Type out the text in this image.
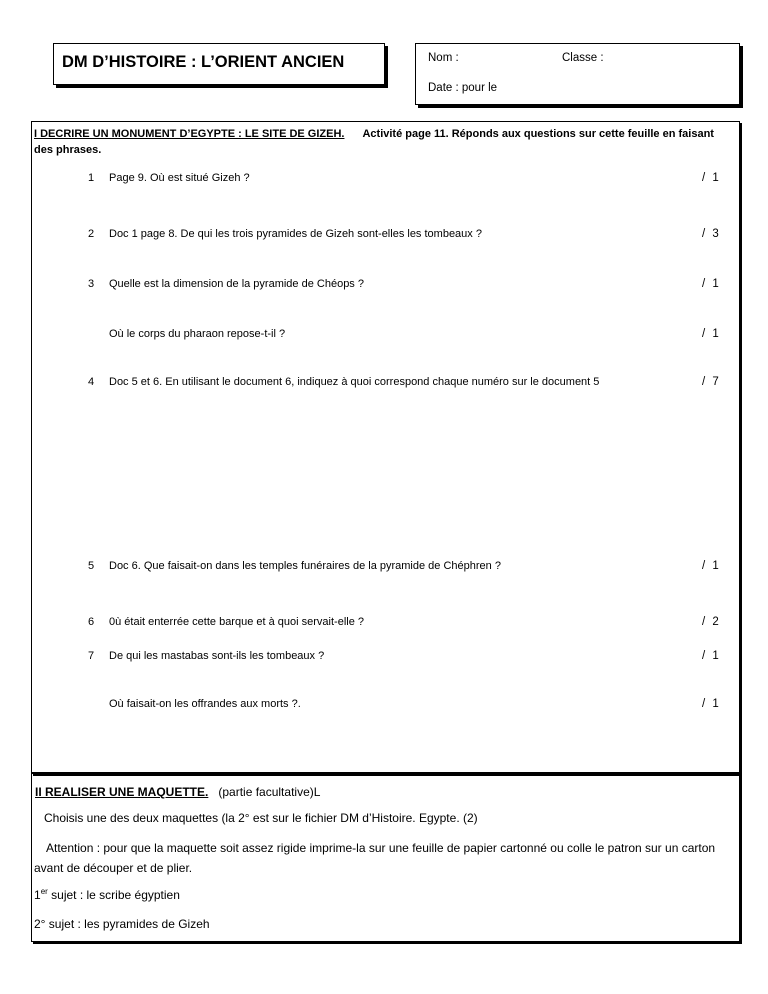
DM D’HISTOIRE : L’ORIENT ANCIEN	Nom :	Classe :
Date : pour le
I DECRIRE UN MONUMENT D’EGYPTE : LE SITE DE GIZEH. Activité page 11. Réponds aux questions sur cette feuille en faisant des phrases.
1 Page 9. Où est situé Gizeh ?	/ 1
2 Doc 1 page 8. De qui les trois pyramides de Gizeh sont-elles les tombeaux ?	/ 3
3 Quelle est la dimension de la pyramide de Chéops ?	/ 1
Où le corps du pharaon repose-t-il ?	/ 1
4 Doc 5 et 6. En utilisant le document 6, indiquez à quoi correspond chaque numéro sur le document 5	/ 7
5 Doc 6. Que faisait-on dans les temples funéraires de la pyramide de Chéphren ?	/ 1
6 0ù était enterrée cette barque et à quoi servait-elle ?	/ 2
7 De qui les mastabas sont-ils les tombeaux ?	/ 1
Où faisait-on les offrandes aux morts ?.	/ 1
II REALISER UNE MAQUETTE. (partie facultative)L
Choisis une des deux maquettes (la 2° est sur le fichier DM d’Histoire. Egypte. (2)
Attention : pour que la maquette soit assez rigide imprime-la sur une feuille de papier cartonné ou colle le patron sur un carton avant de découper et de plier.
1er sujet : le scribe égyptien
2° sujet : les pyramides de Gizeh
